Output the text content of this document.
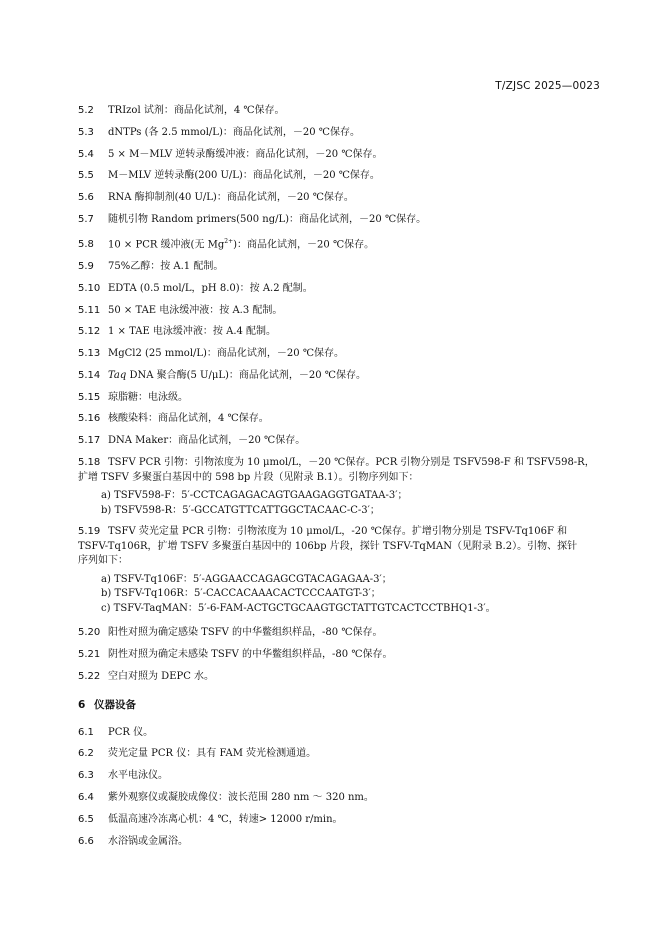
T/ZJSC 2025—0023
5.2	TRIzol 试剂：商品化试剂，4 ℃保存。
5.3	dNTPs (各 2.5 mmol/L)：商品化试剂，－20 ℃保存。
5.4	5 × M－MLV 逆转录酶缓冲液：商品化试剂，－20 ℃保存。
5.5	M－MLV 逆转录酶(200 U/L)：商品化试剂，－20 ℃保存。
5.6	RNA 酶抑制剂(40 U/L)：商品化试剂，－20 ℃保存。
5.7	随机引物 Random primers(500 ng/L)：商品化试剂，－20 ℃保存。
5.8	10 × PCR 缓冲液(无 $Mg^{2+}$)：商品化试剂，－20 ℃保存。
5.9	75%乙醇：按 A.1 配制。
5.10 EDTA (0.5 mol/L，pH 8.0)：按 A.2 配制。
5.11 50 × TAE 电泳缓冲液：按 A.3 配制。
5.12 1 × TAE 电泳缓冲液：按 A.4 配制。
5.13 MgCl2 (25 mmol/L)：商品化试剂，－20 ℃保存。
5.14 Taq DNA 聚合酶(5 U/μL)：商品化试剂，－20 ℃保存。
5.15 琼脂糖：电泳级。
5.16 核酸染料：商品化试剂，4 ℃保存。
5.17 DNA Maker：商品化试剂，－20 ℃保存。
5.18 TSFV PCR 引物：引物浓度为 10 μmol/L，－20 ℃保存。PCR 引物分别是 TSFV598-F 和 TSFV598-R，
扩增 TSFV 多聚蛋白基因中的 598 bp 片段（见附录 B.1）。引物序列如下：
a) TSFV598-F：5′-CCTCAGAGACAGTGAAGAGGTGATAA-3′；
b) TSFV598-R：5′-GCCATGTTCATTGGCTACAAC-C-3′；
5.19 TSFV 荧光定量 PCR 引物：引物浓度为 10 μmol/L，-20 ℃保存。扩增引物分别是 TSFV-Tq106F 和
TSFV-Tq106R，扩增 TSFV 多聚蛋白基因中的 106bp 片段，探针 TSFV-TqMAN（见附录 B.2）。引物、探针
序列如下：
a) TSFV-Tq106F：5′-AGGAACCAGAGCGTACAGAGAA-3′；
b) TSFV-Tq106R：5′-CACCACAAACACTCCCAATGT-3′；
c) TSFV-TaqMAN：5′-6-FAM-ACTGCTGCAAGTGCTATTGTCACTCCTBHQ1-3′。
5.20 阳性对照为确定感染 TSFV 的中华鳖组织样品，-80 ℃保存。
5.21 阴性对照为确定未感染 TSFV 的中华鳖组织样品，-80 ℃保存。
5.22 空白对照为 DEPC 水。
6 仪器设备
6.1	PCR 仪。
6.2	荧光定量 PCR 仪：具有 FAM 荧光检测通道。
6.3	水平电泳仪。
6.4	紫外观察仪或凝胶成像仪：波长范围 280 nm ～ 320 nm。
6.5	低温高速冷冻离心机：4 ℃，转速> 12000 r/min。
6.6	水浴锅或金属浴。
